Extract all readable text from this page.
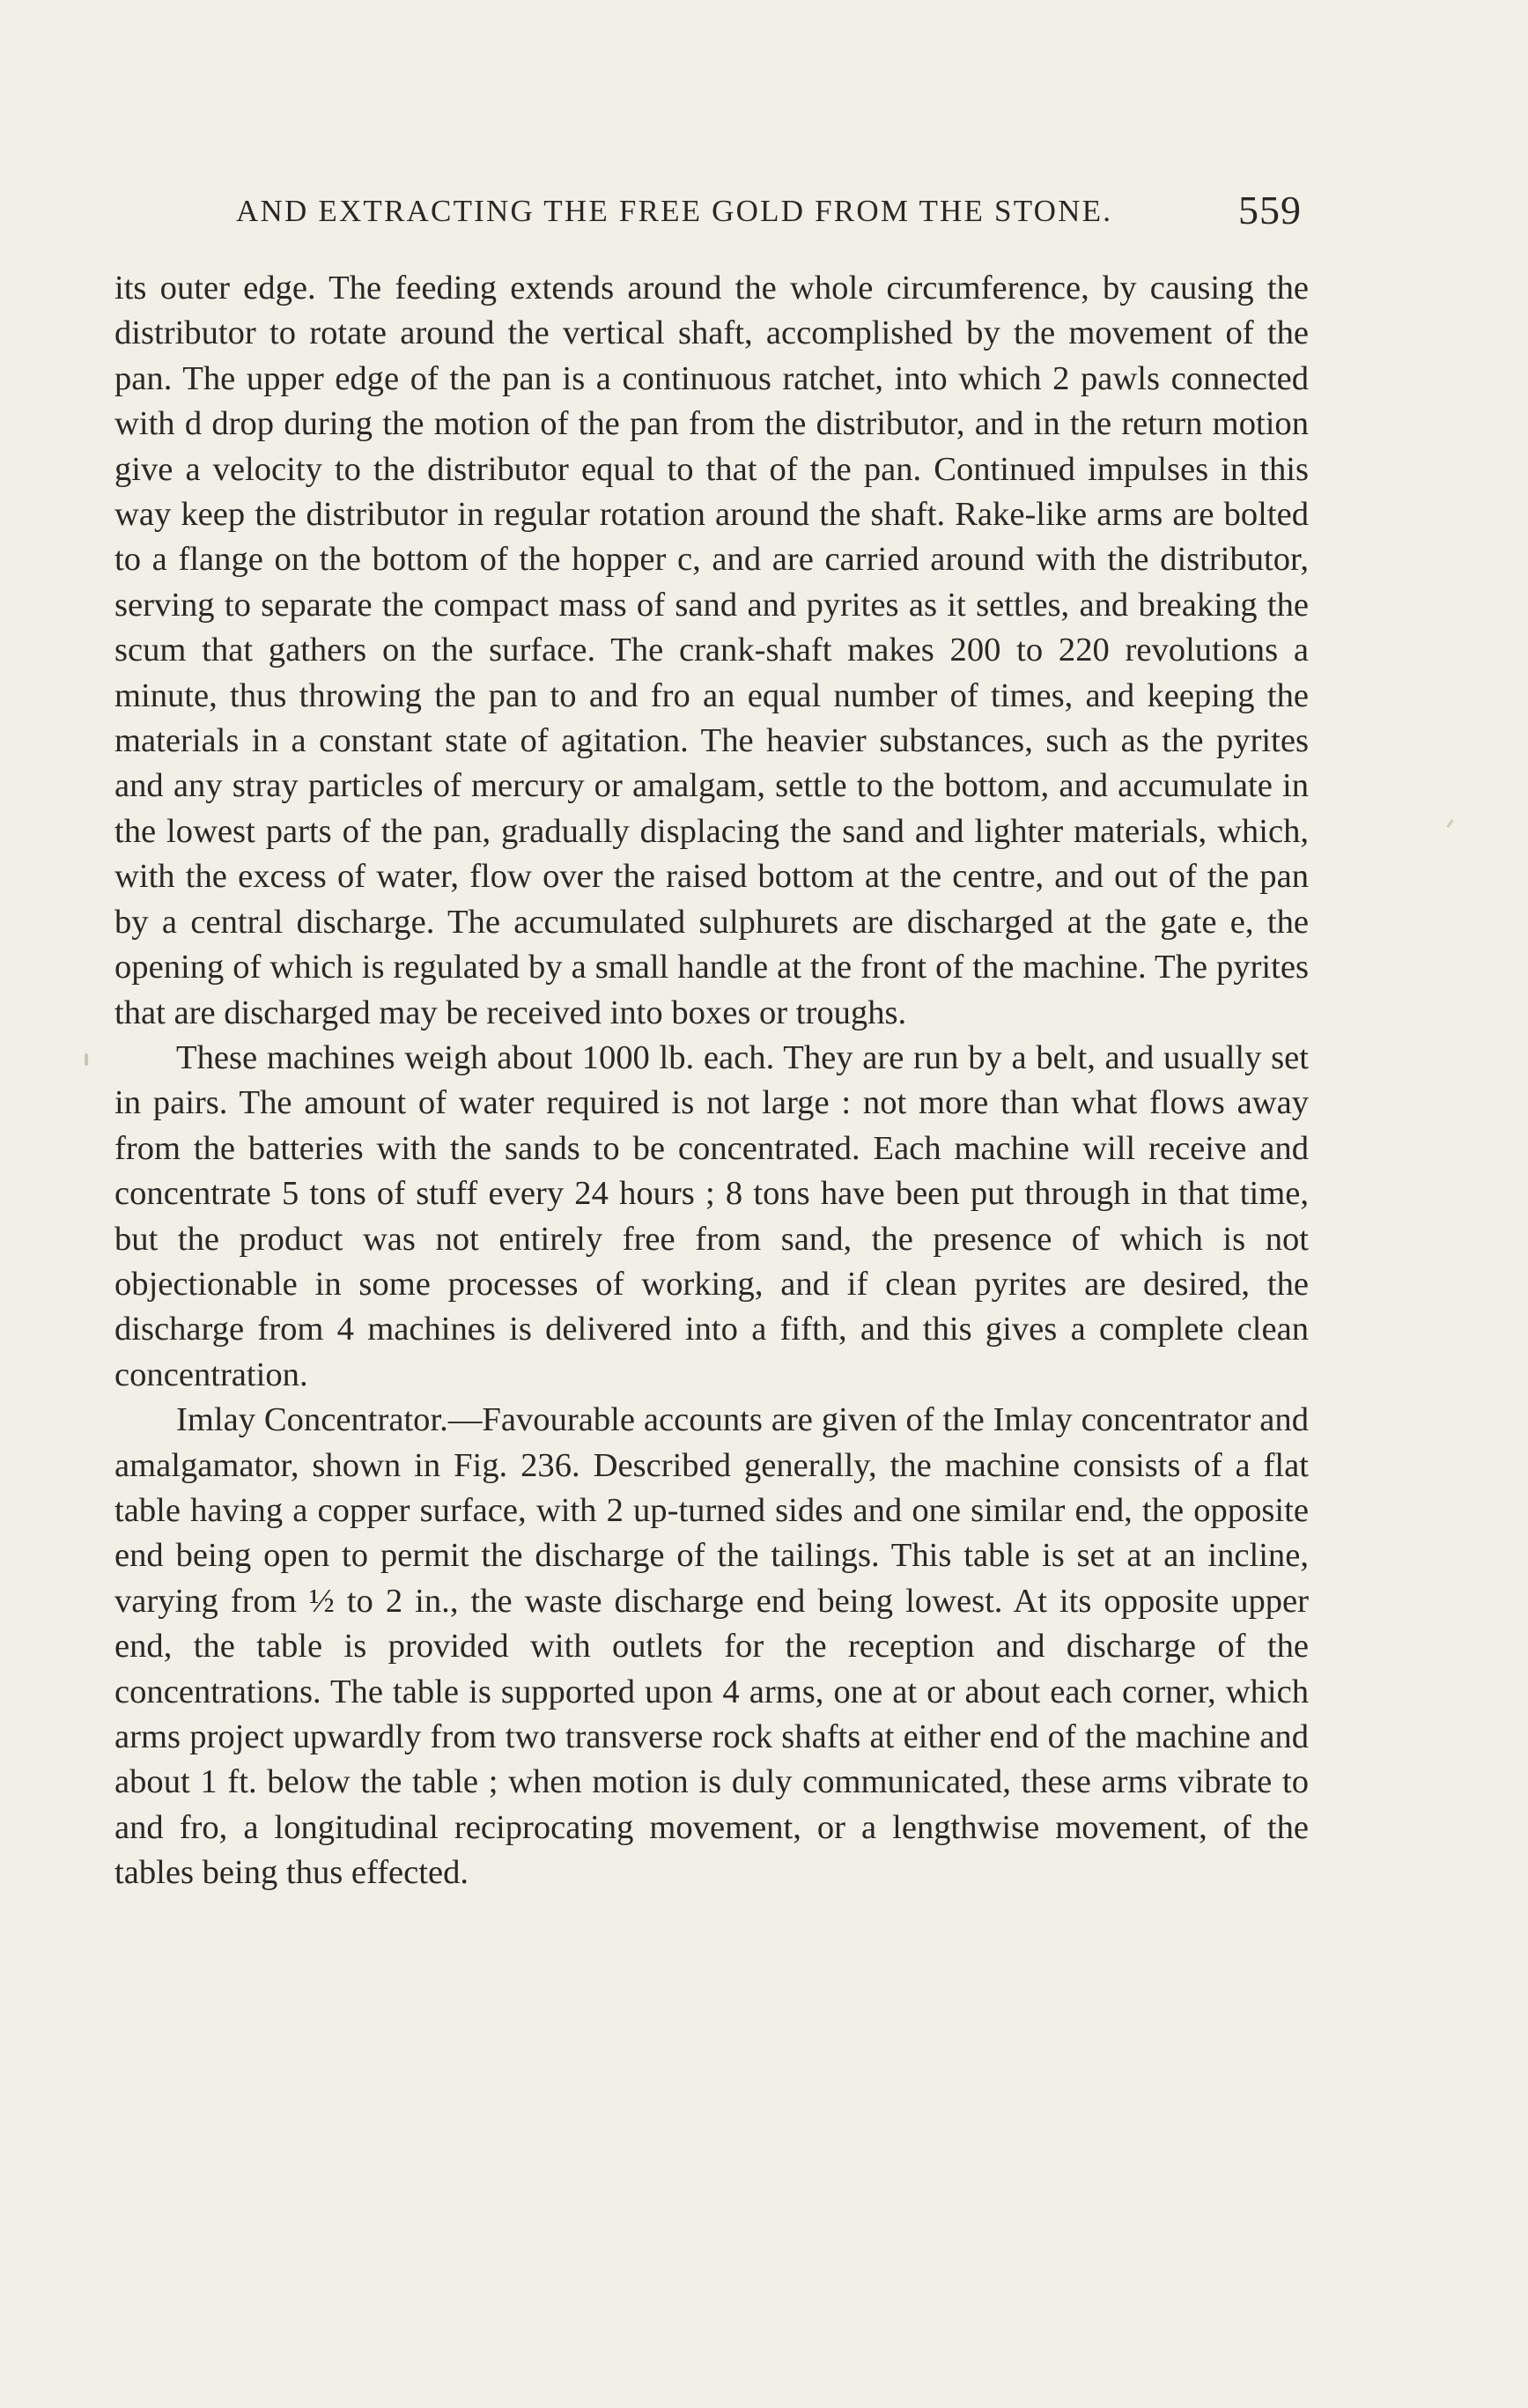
AND EXTRACTING THE FREE GOLD FROM THE STONE.	559

its outer edge. The feeding extends around the whole circumference, by causing the distributor to rotate around the vertical shaft, accomplished by the movement of the pan. The upper edge of the pan is a continuous ratchet, into which 2 pawls connected with d drop during the motion of the pan from the distributor, and in the return motion give a velocity to the distributor equal to that of the pan. Continued impulses in this way keep the distributor in regular rotation around the shaft. Rake-like arms are bolted to a flange on the bottom of the hopper c, and are carried around with the distributor, serving to separate the compact mass of sand and pyrites as it settles, and breaking the scum that gathers on the surface. The crank-shaft makes 200 to 220 revolutions a minute, thus throwing the pan to and fro an equal number of times, and keeping the materials in a constant state of agitation. The heavier substances, such as the pyrites and any stray particles of mercury or amalgam, settle to the bottom, and accumulate in the lowest parts of the pan, gradually displacing the sand and lighter materials, which, with the excess of water, flow over the raised bottom at the centre, and out of the pan by a central discharge. The accumulated sulphurets are discharged at the gate e, the opening of which is regulated by a small handle at the front of the machine. The pyrites that are discharged may be received into boxes or troughs.

These machines weigh about 1000 lb. each. They are run by a belt, and usually set in pairs. The amount of water required is not large : not more than what flows away from the batteries with the sands to be concentrated. Each machine will receive and concentrate 5 tons of stuff every 24 hours ; 8 tons have been put through in that time, but the product was not entirely free from sand, the presence of which is not objectionable in some processes of working, and if clean pyrites are desired, the discharge from 4 machines is delivered into a fifth, and this gives a complete clean concentration.

Imlay Concentrator.—Favourable accounts are given of the Imlay concentrator and amalgamator, shown in Fig. 236. Described generally, the machine consists of a flat table having a copper surface, with 2 up-turned sides and one similar end, the opposite end being open to permit the discharge of the tailings. This table is set at an incline, varying from ½ to 2 in., the waste discharge end being lowest. At its opposite upper end, the table is provided with outlets for the reception and discharge of the concentrations. The table is supported upon 4 arms, one at or about each corner, which arms project upwardly from two transverse rock shafts at either end of the machine and about 1 ft. below the table ; when motion is duly communicated, these arms vibrate to and fro, a longitudinal reciprocating movement, or a lengthwise movement, of the tables being thus effected.
